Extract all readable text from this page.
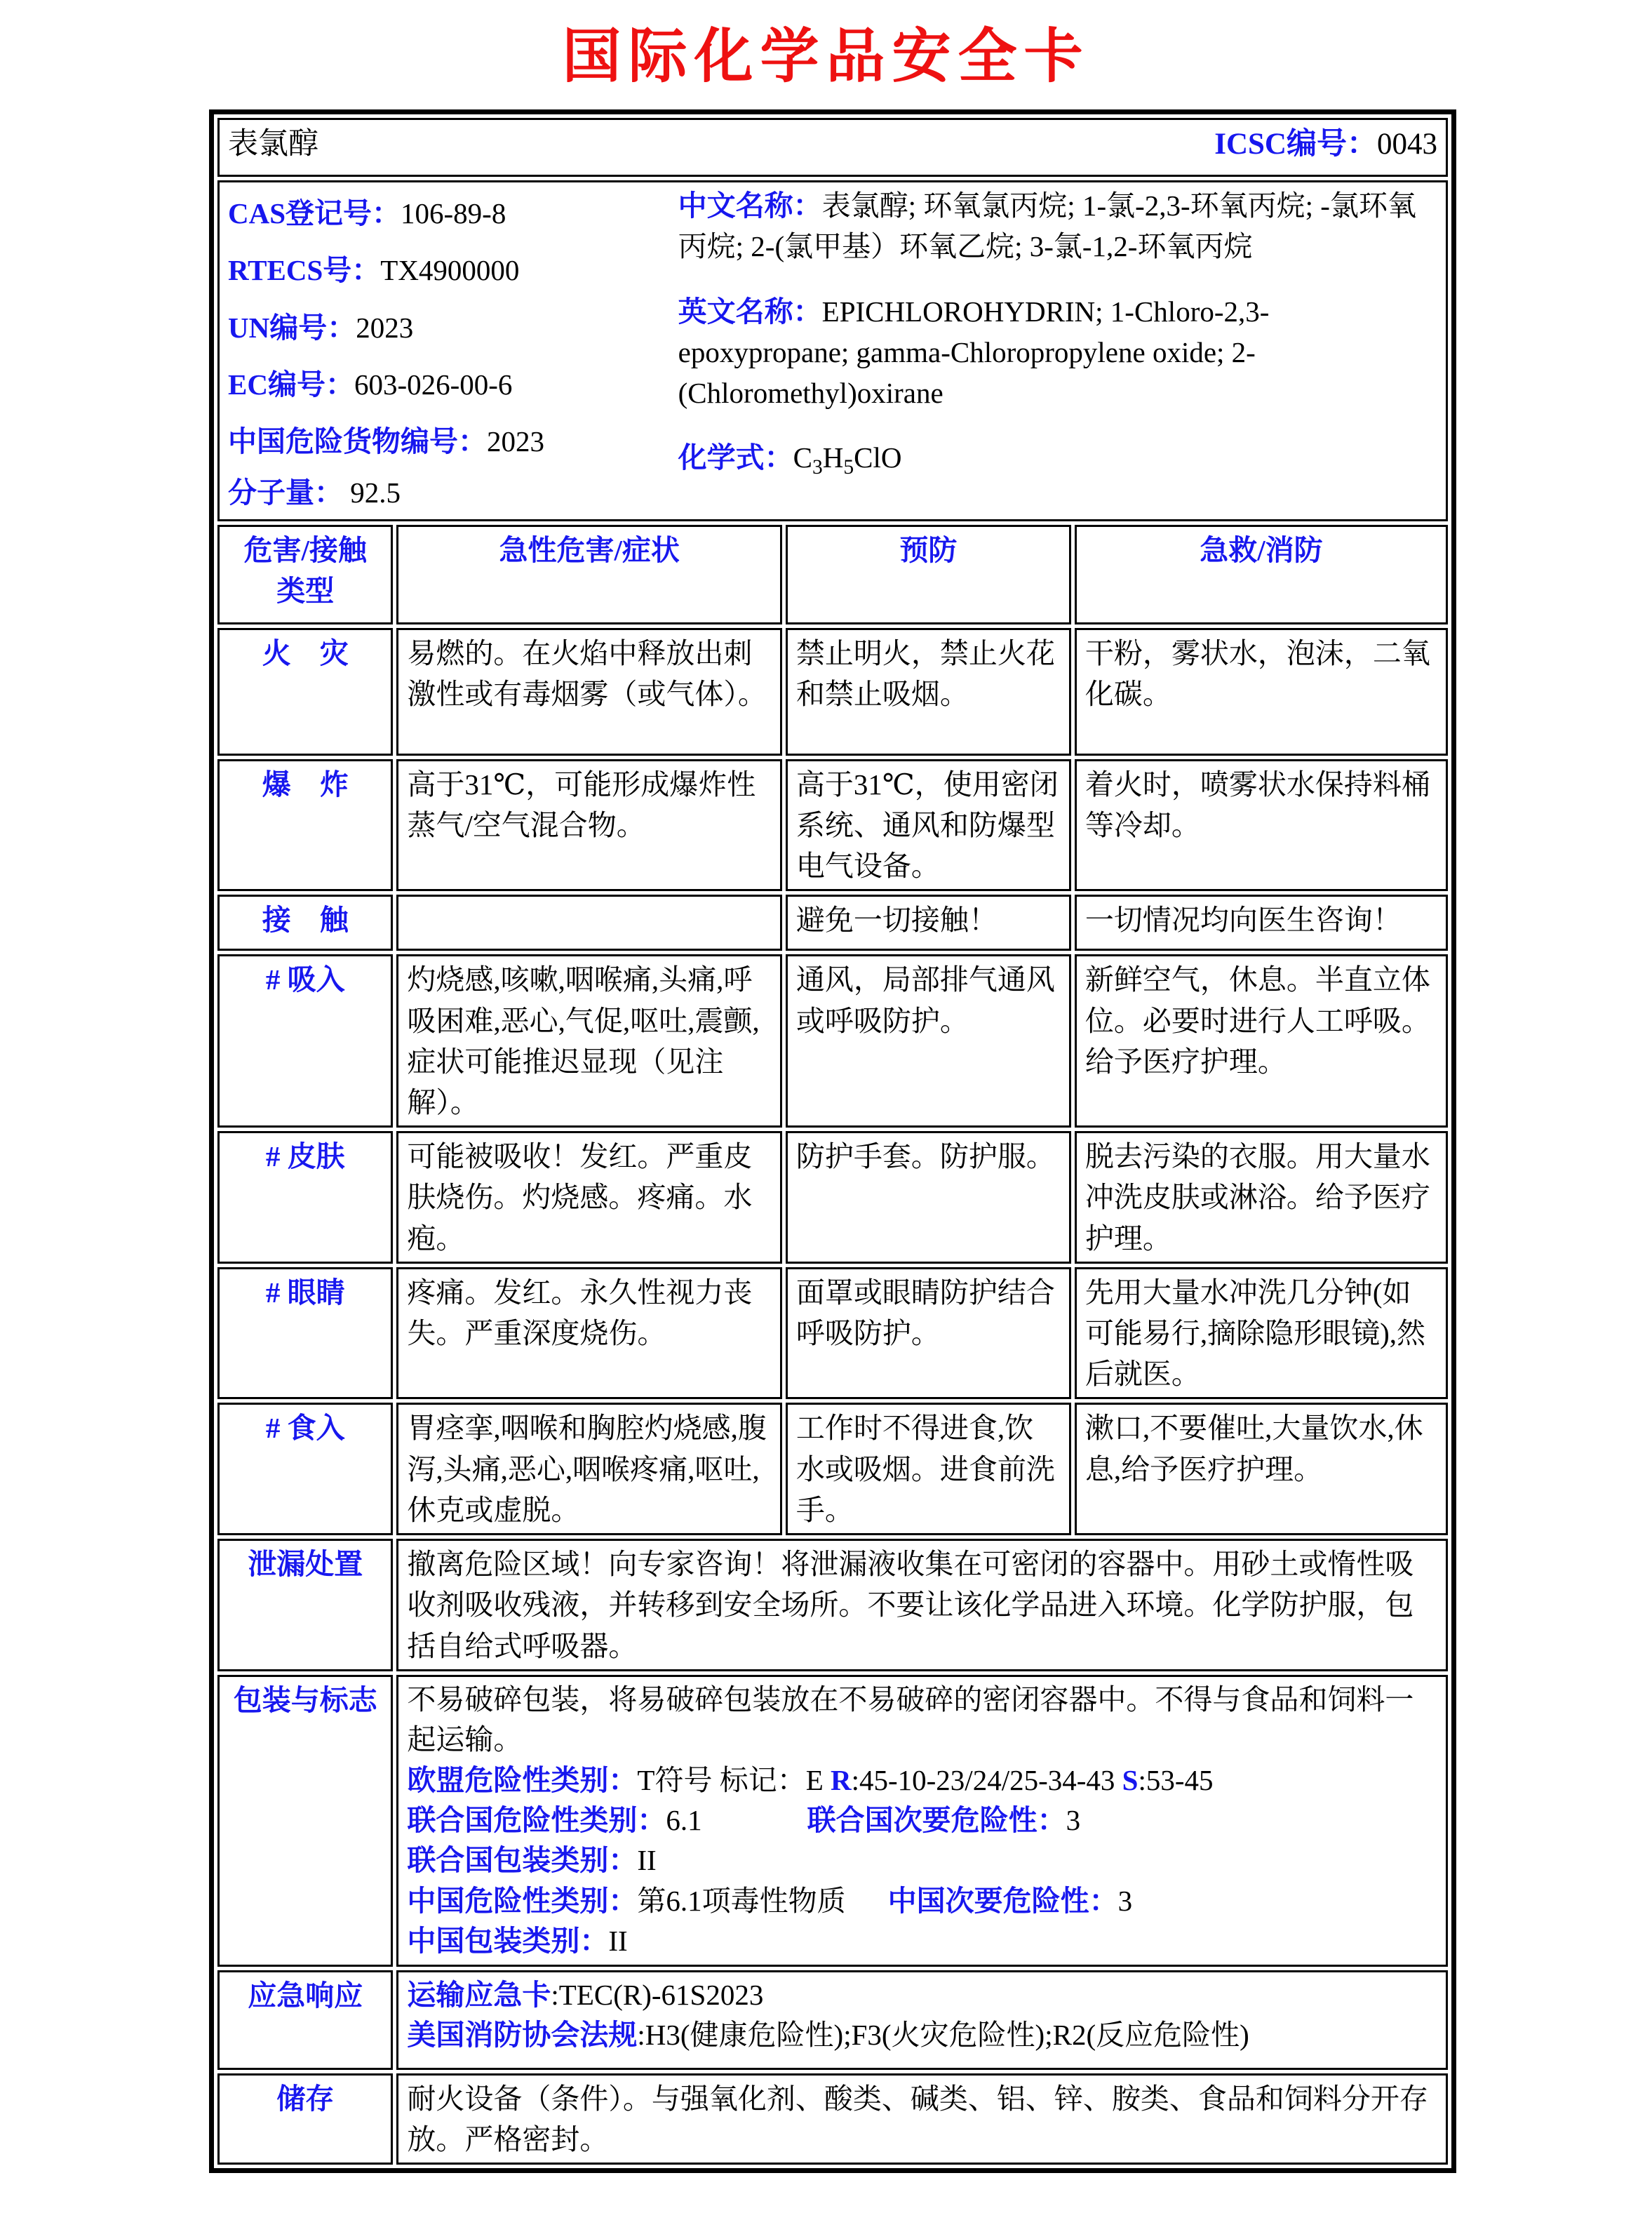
国际化学品安全卡
表氯醇 ICSC编号：0043			

CAS登记号：106-89-8
RTECS号：TX4900000
UN编号：2023
EC编号：603-026-00-6
中国危险货物编号：2023
分子量： 92.5

中文名称：表氯醇; 环氧氯丙烷; 1-氯-2,3-环氧丙烷; -氯环氧丙烷; 2-(氯甲基）环氧乙烷; 3-氯-1,2-环氧丙烷

英文名称：EPICHLOROHYDRIN; 1-Chloro-2,3-epoxypropane; gamma-Chloropropylene oxide; 2-(Chloromethyl)oxirane

化学式：$C_3H_5ClO$

危害/接触
类型	急性危害/症状	预防	急救/消防
火　灾	易燃的。在火焰中释放出刺激性或有毒烟雾（或气体）。	禁止明火，禁止火花和禁止吸烟。	干粉，雾状水，泡沫，二氧化碳。
爆　炸	高于31℃，可能形成爆炸性蒸气/空气混合物。	高于31℃，使用密闭系统、通风和防爆型电气设备。	着火时，喷雾状水保持料桶等冷却。
接　触		避免一切接触！	一切情况均向医生咨询！
# 吸入	灼烧感,咳嗽,咽喉痛,头痛,呼吸困难,恶心,气促,呕吐,震颤,症状可能推迟显现（见注解）。	通风，局部排气通风或呼吸防护。	新鲜空气，休息。半直立体位。必要时进行人工呼吸。给予医疗护理。
# 皮肤	可能被吸收！发红。严重皮肤烧伤。灼烧感。疼痛。水疱。	防护手套。防护服。	脱去污染的衣服。用大量水冲洗皮肤或淋浴。给予医疗护理。
# 眼睛	疼痛。发红。永久性视力丧失。严重深度烧伤。	面罩或眼睛防护结合呼吸防护。	先用大量水冲洗几分钟(如可能易行,摘除隐形眼镜),然后就医。
# 食入	胃痉挛,咽喉和胸腔灼烧感,腹泻,头痛,恶心,咽喉疼痛,呕吐,休克或虚脱。	工作时不得进食,饮水或吸烟。进食前洗手。	漱口,不要催吐,大量饮水,休息,给予医疗护理。
泄漏处置	撤离危险区域！向专家咨询！将泄漏液收集在可密闭的容器中。用砂土或惰性吸收剂吸收残液，并转移到安全场所。不要让该化学品进入环境。化学防护服，包括自给式呼吸器。		
包装与标志	不易破碎包装，将易破碎包装放在不易破碎的密闭容器中。不得与食品和饲料一起运输。
欧盟危险性类别：T符号 标记：E R:45-10-23/24/25-34-43 S:53-45
联合国危险性类别：6.1	联合国次要危险性：3
联合国包装类别：II
中国危险性类别：第6.1项毒性物质 中国次要危险性：3
中国包装类别：II

应急响应	运输应急卡:TEC(R)-61S2023
美国消防协会法规:H3(健康危险性);F3(火灾危险性);R2(反应危险性)		

储存	耐火设备（条件）。与强氧化剂、酸类、碱类、铝、锌、胺类、食品和饲料分开存放。严格密封。		
